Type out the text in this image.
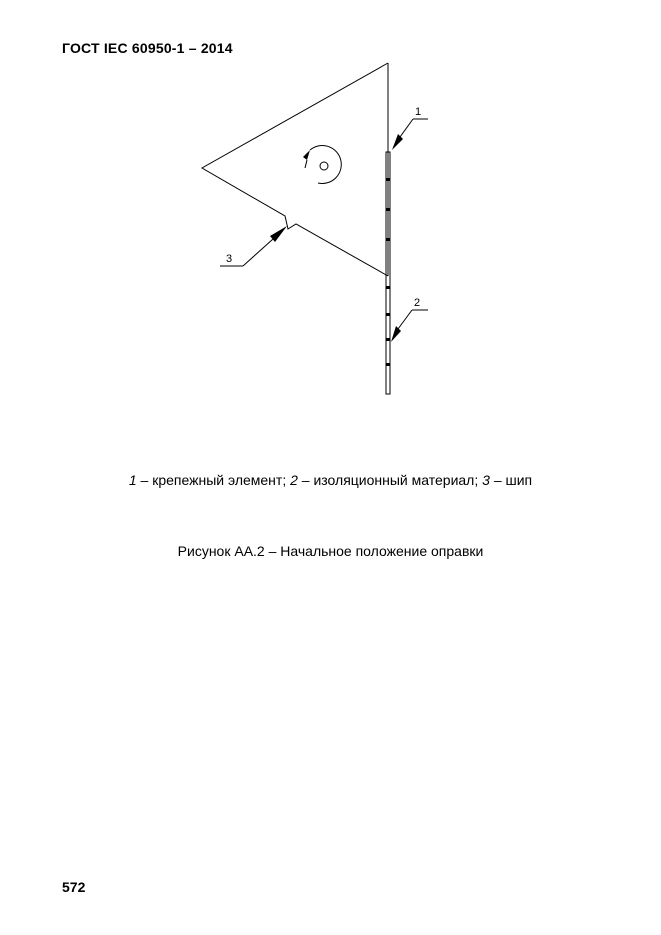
ГОСТ IEC 60950-1 – 2014
1
2
3
1 – крепежный элемент; 2 – изоляционный материал; 3 – шип
Рисунок АА.2 – Начальное положение оправки
572
